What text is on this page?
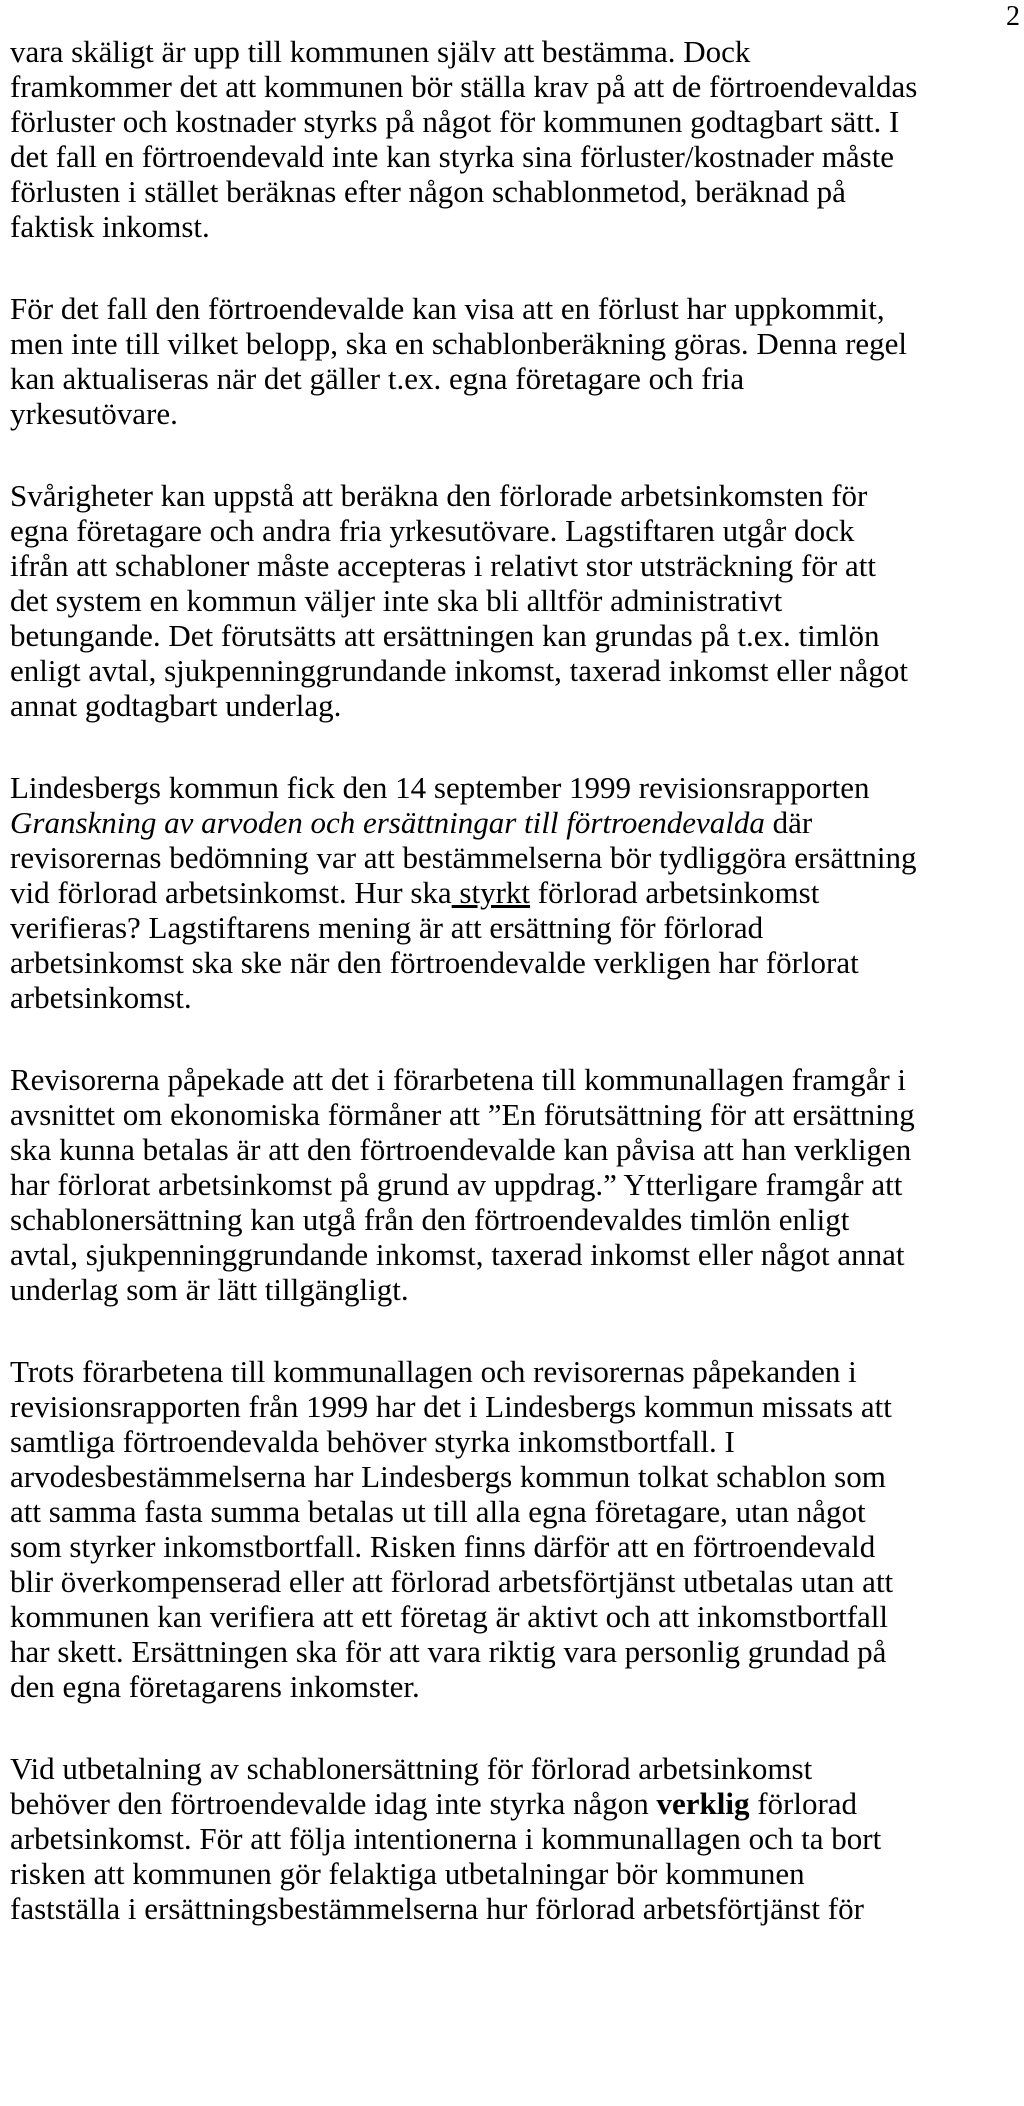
2

vara skäligt är upp till kommunen själv att bestämma. Dock
framkommer det att kommunen bör ställa krav på att de förtroendevaldas
förluster och kostnader styrks på något för kommunen godtagbart sätt. I
det fall en förtroendevald inte kan styrka sina förluster/kostnader måste
förlusten i stället beräknas efter någon schablonmetod, beräknad på
faktisk inkomst.

För det fall den förtroendevalde kan visa att en förlust har uppkommit,
men inte till vilket belopp, ska en schablonberäkning göras. Denna regel
kan aktualiseras när det gäller t.ex. egna företagare och fria
yrkesutövare.

Svårigheter kan uppstå att beräkna den förlorade arbetsinkomsten för
egna företagare och andra fria yrkesutövare. Lagstiftaren utgår dock
ifrån att schabloner måste accepteras i relativt stor utsträckning för att
det system en kommun väljer inte ska bli alltför administrativt
betungande. Det förutsätts att ersättningen kan grundas på t.ex. timlön
enligt avtal, sjukpenninggrundande inkomst, taxerad inkomst eller något
annat godtagbart underlag.

Lindesbergs kommun fick den 14 september 1999 revisionsrapporten
Granskning av arvoden och ersättningar till förtroendevalda där
revisorernas bedömning var att bestämmelserna bör tydliggöra ersättning
vid förlorad arbetsinkomst. Hur ska styrkt förlorad arbetsinkomst
verifieras? Lagstiftarens mening är att ersättning för förlorad
arbetsinkomst ska ske när den förtroendevalde verkligen har förlorat
arbetsinkomst.

Revisorerna påpekade att det i förarbetena till kommunallagen framgår i
avsnittet om ekonomiska förmåner att ”En förutsättning för att ersättning
ska kunna betalas är att den förtroendevalde kan påvisa att han verkligen
har förlorat arbetsinkomst på grund av uppdrag.” Ytterligare framgår att
schablonersättning kan utgå från den förtroendevaldes timlön enligt
avtal, sjukpenninggrundande inkomst, taxerad inkomst eller något annat
underlag som är lätt tillgängligt.

Trots förarbetena till kommunallagen och revisorernas påpekanden i
revisionsrapporten från 1999 har det i Lindesbergs kommun missats att
samtliga förtroendevalda behöver styrka inkomstbortfall. I
arvodesbestämmelserna har Lindesbergs kommun tolkat schablon som
att samma fasta summa betalas ut till alla egna företagare, utan något
som styrker inkomstbortfall. Risken finns därför att en förtroendevald
blir överkompenserad eller att förlorad arbetsförtjänst utbetalas utan att
kommunen kan verifiera att ett företag är aktivt och att inkomstbortfall
har skett. Ersättningen ska för att vara riktig vara personlig grundad på
den egna företagarens inkomster.

Vid utbetalning av schablonersättning för förlorad arbetsinkomst
behöver den förtroendevalde idag inte styrka någon verklig förlorad
arbetsinkomst. För att följa intentionerna i kommunallagen och ta bort
risken att kommunen gör felaktiga utbetalningar bör kommunen
fastställa i ersättningsbestämmelserna hur förlorad arbetsförtjänst för
